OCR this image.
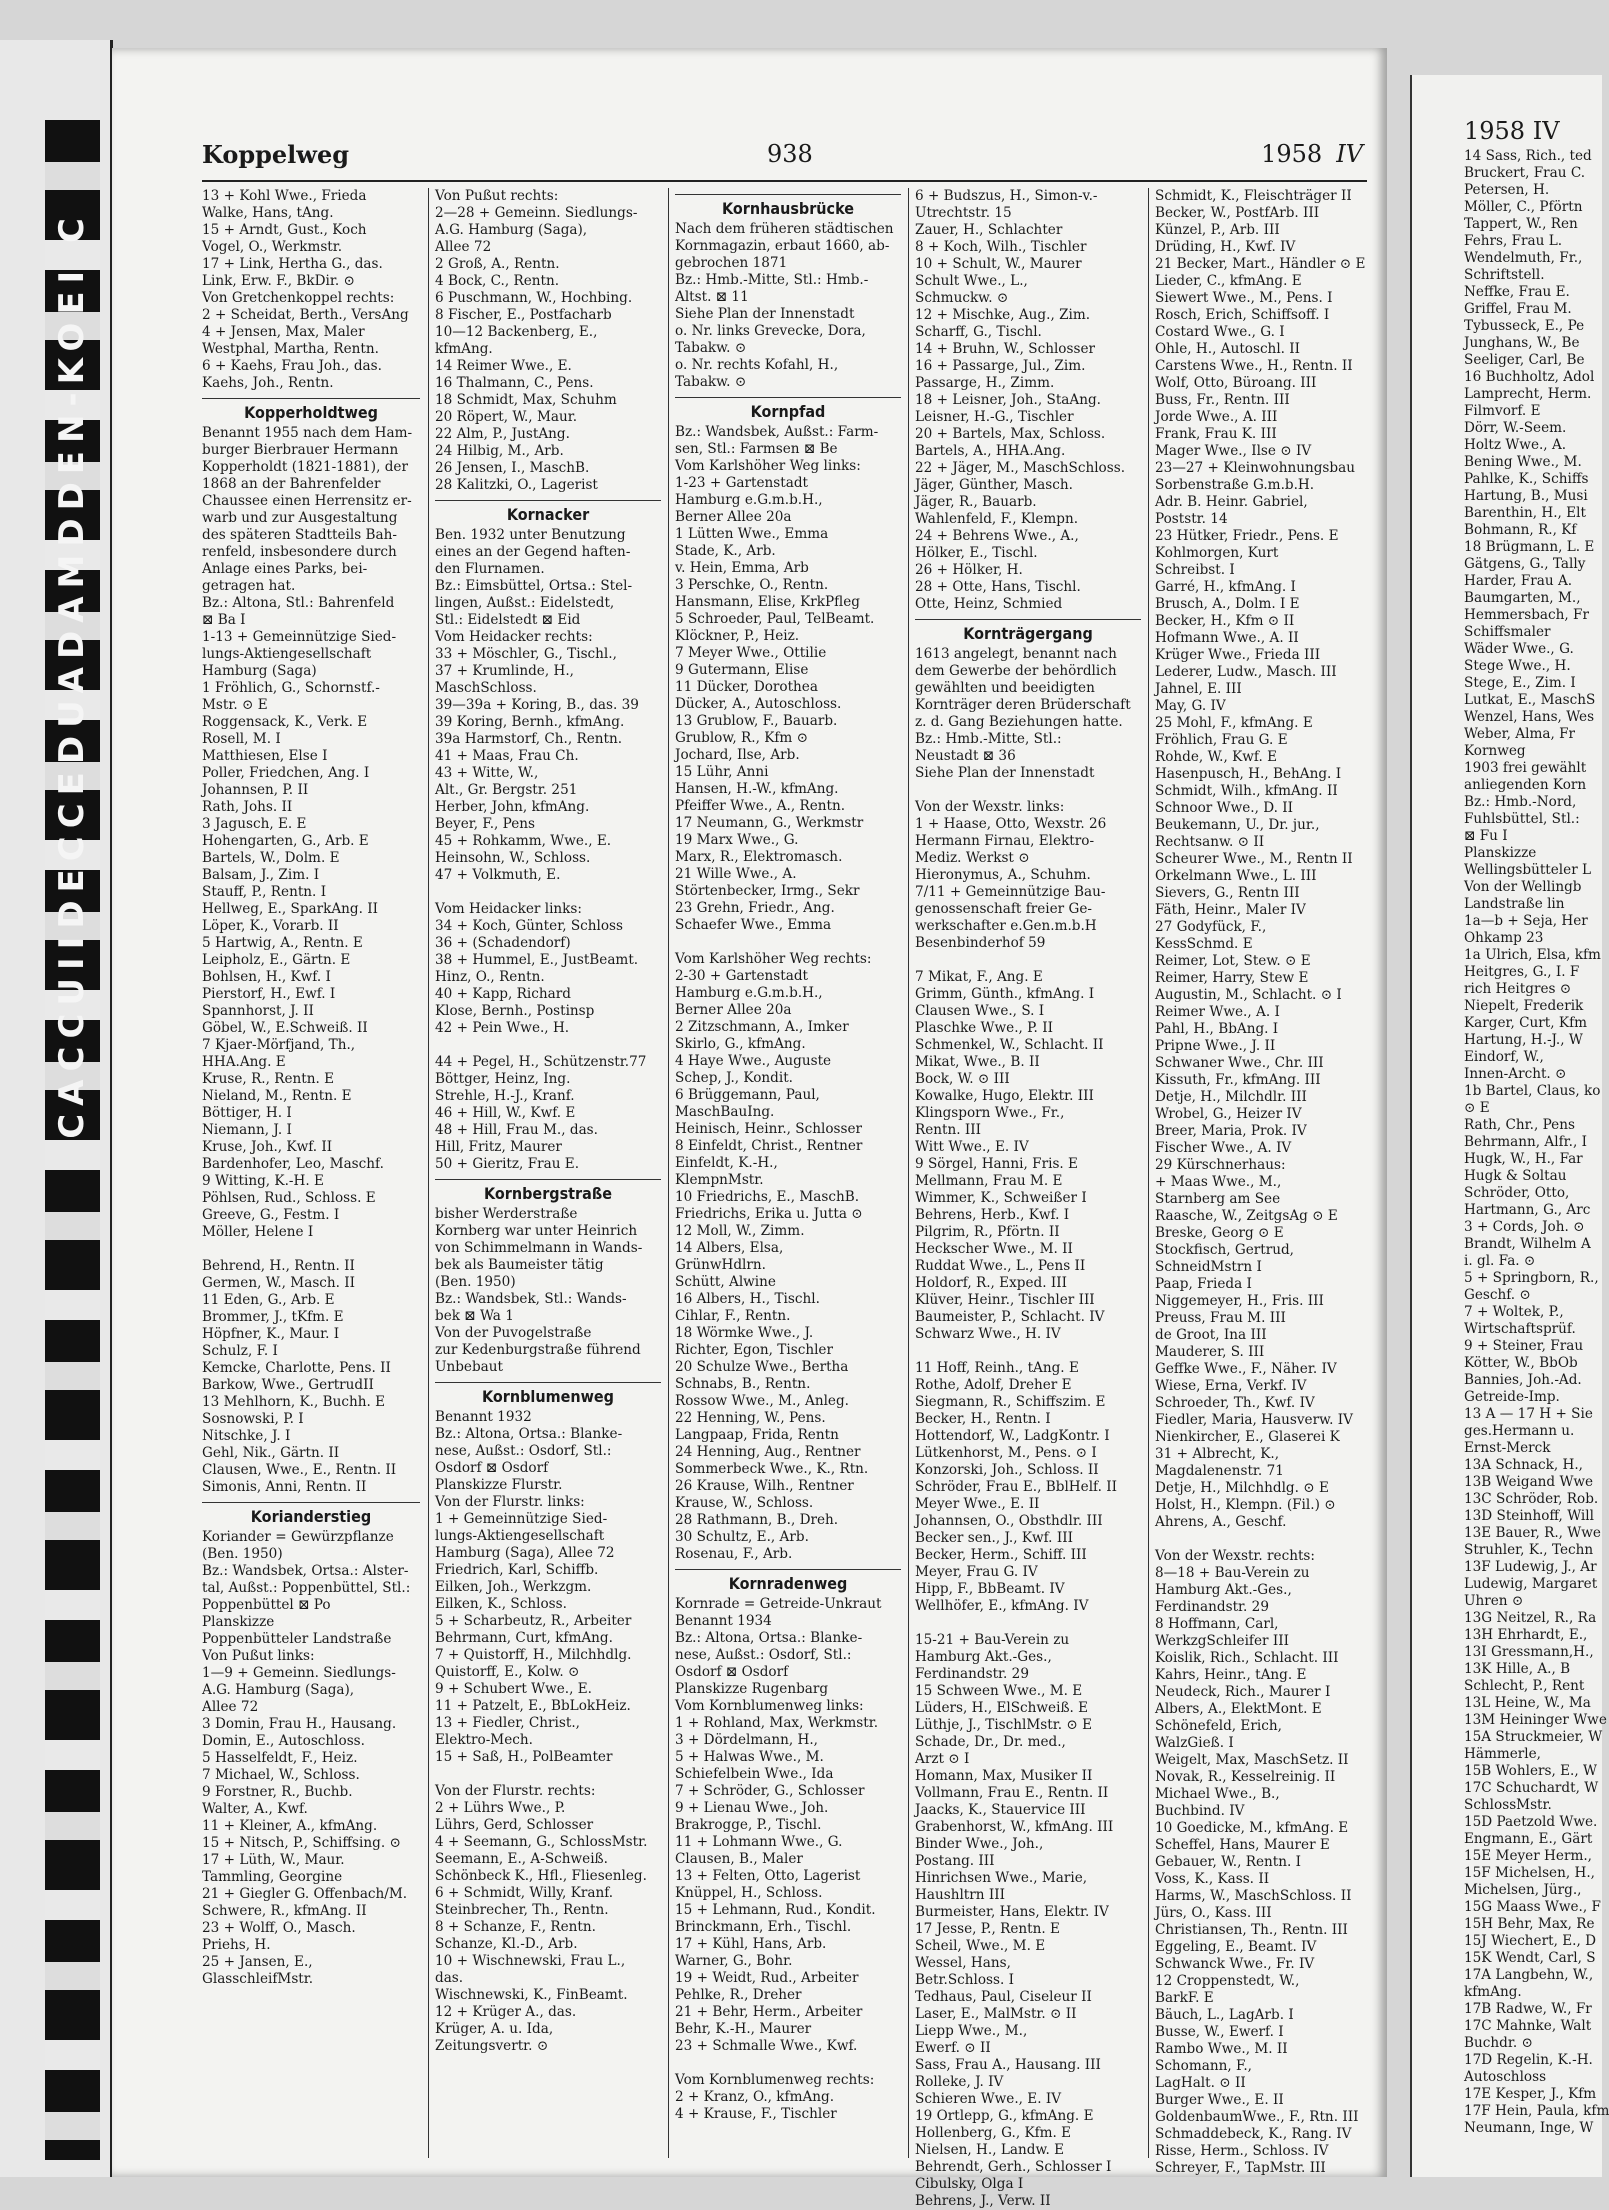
CACCUIIDECCEDUADAMDDEN-KOEI C
Koppelweg	938	1958 IV
13 + Kohl Wwe., Frieda
Walke, Hans, tAng.
15 + Arndt, Gust., Koch
Vogel, O., Werkmstr.
17 + Link, Hertha G., das.
Link, Erw. F., BkDir. ⊙
Von Gretchenkoppel rechts:
2 + Scheidat, Berth., VersAng
4 + Jensen, Max, Maler
Westphal, Martha, Rentn.
6 + Kaehs, Frau Joh., das.
Kaehs, Joh., Rentn.
Kopperholdtweg
Benannt 1955 nach dem Ham-
burger Bierbrauer Hermann
Kopperholdt (1821-1881), der
1868 an der Bahrenfelder
Chaussee einen Herrensitz er-
warb und zur Ausgestaltung
des späteren Stadtteils Bah-
renfeld, insbesondere durch
Anlage eines Parks, bei-
getragen hat.
Bz.: Altona, Stl.: Bahrenfeld
⊠ Ba I
1-13 + Gemeinnützige Sied-
lungs-Aktiengesellschaft
Hamburg (Saga)
1 Fröhlich, G., Schornstf.-
Mstr. ⊙ E
Roggensack, K., Verk. E
Rosell, M. I
Matthiesen, Else I
Poller, Friedchen, Ang. I
Johannsen, P. II
Rath, Johs. II
3 Jagusch, E. E
Hohengarten, G., Arb. E
Bartels, W., Dolm. E
Balsam, J., Zim. I
Stauff, P., Rentn. I
Hellweg, E., SparkAng. II
Löper, K., Vorarb. II
5 Hartwig, A., Rentn. E
Leipholz, E., Gärtn. E
Bohlsen, H., Kwf. I
Pierstorf, H., Ewf. I
Spannhorst, J. II
Göbel, W., E.Schweiß. II
7 Kjaer-Mörfjand, Th.,
HHA.Ang. E
Kruse, R., Rentn. E
Nieland, M., Rentn. E
Böttiger, H. I
Niemann, J. I
Kruse, Joh., Kwf. II
Bardenhofer, Leo, Maschf.
9 Witting, K.-H. E
Pöhlsen, Rud., Schloss. E
Greeve, G., Festm. I
Möller, Helene I

Behrend, H., Rentn. II
Germen, W., Masch. II
11 Eden, G., Arb. E
Brommer, J., tKfm. E
Höpfner, K., Maur. I
Schulz, F. I
Kemcke, Charlotte, Pens. II
Barkow, Wwe., GertrudII
13 Mehlhorn, K., Buchh. E
Sosnowski, P. I
Nitschke, J. I
Gehl, Nik., Gärtn. II
Clausen, Wwe., E., Rentn. II
Simonis, Anni, Rentn. II
Korianderstieg
Koriander = Gewürzpflanze
(Ben. 1950)
Bz.: Wandsbek, Ortsa.: Alster-
tal, Außst.: Poppenbüttel, Stl.:
Poppenbüttel ⊠ Po
Planskizze
Poppenbütteler Landstraße
Von Pußut links:
1—9 + Gemeinn. Siedlungs-
A.G. Hamburg (Saga),
Allee 72
3 Domin, Frau H., Hausang.
Domin, E., Autoschloss.
5 Hasselfeldt, F., Heiz.
7 Michael, W., Schloss.
9 Forstner, R., Buchb.
Walter, A., Kwf.
11 + Kleiner, A., kfmAng.
15 + Nitsch, P., Schiffsing. ⊙
17 + Lüth, W., Maur.
Tammling, Georgine
21 + Giegler G. Offenbach/M.
Schwere, R., kfmAng. II
23 + Wolff, O., Masch.
Priehs, H.
25 + Jansen, E.,
GlasschleifMstr.
Von Pußut rechts:
2—28 + Gemeinn. Siedlungs-
A.G. Hamburg (Saga),
Allee 72
2 Groß, A., Rentn.
4 Bock, C., Rentn.
6 Puschmann, W., Hochbing.
8 Fischer, E., Postfacharb
10—12 Backenberg, E.,
kfmAng.
14 Reimer Wwe., E.
16 Thalmann, C., Pens.
18 Schmidt, Max, Schuhm
20 Röpert, W., Maur.
22 Alm, P., JustAng.
24 Hilbig, M., Arb.
26 Jensen, I., MaschB.
28 Kalitzki, O., Lagerist
Kornacker
Ben. 1932 unter Benutzung
eines an der Gegend haften-
den Flurnamen.
Bz.: Eimsbüttel, Ortsa.: Stel-
lingen, Außst.: Eidelstedt,
Stl.: Eidelstedt ⊠ Eid
Vom Heidacker rechts:
33 + Möschler, G., Tischl.,
37 + Krumlinde, H.,
MaschSchloss.
39—39a + Koring, B., das. 39
39 Koring, Bernh., kfmAng.
39a Harmstorf, Ch., Rentn.
41 + Maas, Frau Ch.
43 + Witte, W.,
Alt., Gr. Bergstr. 251
Herber, John, kfmAng.
Beyer, F., Pens
45 + Rohkamm, Wwe., E.
Heinsohn, W., Schloss.
47 + Volkmuth, E.

Vom Heidacker links:
34 + Koch, Günter, Schloss
36 + (Schadendorf)
38 + Hummel, E., JustBeamt.
Hinz, O., Rentn.
40 + Kapp, Richard
Klose, Bernh., Postinsp
42 + Pein Wwe., H.

44 + Pegel, H., Schützenstr.77
Böttger, Heinz, Ing.
Strehle, H.-J., Kranf.
46 + Hill, W., Kwf. E
48 + Hill, Frau M., das.
Hill, Fritz, Maurer
50 + Gieritz, Frau E.
Kornbergstraße
bisher Werderstraße
Kornberg war unter Heinrich
von Schimmelmann in Wands-
bek als Baumeister tätig
(Ben. 1950)
Bz.: Wandsbek, Stl.: Wands-
bek ⊠ Wa 1
Von der Puvogelstraße
zur Kedenburgstraße führend
Unbebaut
Kornblumenweg
Benannt 1932
Bz.: Altona, Ortsa.: Blanke-
nese, Außst.: Osdorf, Stl.:
Osdorf ⊠ Osdorf
Planskizze Flurstr.
Von der Flurstr. links:
1 + Gemeinnützige Sied-
lungs-Aktiengesellschaft
Hamburg (Saga), Allee 72
Friedrich, Karl, Schiffb.
Eilken, Joh., Werkzgm.
Eilken, K., Schloss.
5 + Scharbeutz, R., Arbeiter
Behrmann, Curt, kfmAng.
7 + Quistorff, H., Milchhdlg.
Quistorff, E., Kolw. ⊙
9 + Schubert Wwe., E.
11 + Patzelt, E., BbLokHeiz.
13 + Fiedler, Christ.,
Elektro-Mech.
15 + Saß, H., PolBeamter

Von der Flurstr. rechts:
2 + Lührs Wwe., P.
Lührs, Gerd, Schlosser
4 + Seemann, G., SchlossMstr.
Seemann, E., A-Schweiß.
Schönbeck K., Hfl., Fliesenleg.
6 + Schmidt, Willy, Kranf.
Steinbrecher, Th., Rentn.
8 + Schanze, F., Rentn.
Schanze, Kl.-D., Arb.
10 + Wischnewski, Frau L.,
das.
Wischnewski, K., FinBeamt.
12 + Krüger A., das.
Krüger, A. u. Ida,
Zeitungsvertr. ⊙
Kornhausbrücke
Nach dem früheren städtischen
Kornmagazin, erbaut 1660, ab-
gebrochen 1871
Bz.: Hmb.-Mitte, Stl.: Hmb.-
Altst. ⊠ 11
Siehe Plan der Innenstadt
o. Nr. links Grevecke, Dora,
Tabakw. ⊙
o. Nr. rechts Kofahl, H.,
Tabakw. ⊙
Kornpfad
Bz.: Wandsbek, Außst.: Farm-
sen, Stl.: Farmsen ⊠ Be
Vom Karlshöher Weg links:
1-23 + Gartenstadt
Hamburg e.G.m.b.H.,
Berner Allee 20a
1 Lütten Wwe., Emma
Stade, K., Arb.
v. Hein, Emma, Arb
3 Perschke, O., Rentn.
Hansmann, Elise, KrkPfleg
5 Schroeder, Paul, TelBeamt.
Klöckner, P., Heiz.
7 Meyer Wwe., Ottilie
9 Gutermann, Elise
11 Dücker, Dorothea
Dücker, A., Autoschloss.
13 Grublow, F., Bauarb.
Grublow, R., Kfm ⊙
Jochard, Ilse, Arb.
15 Lühr, Anni
Hansen, H.-W., kfmAng.
Pfeiffer Wwe., A., Rentn.
17 Neumann, G., Werkmstr
19 Marx Wwe., G.
Marx, R., Elektromasch.
21 Wille Wwe., A.
Störtenbecker, Irmg., Sekr
23 Grehn, Friedr., Ang.
Schaefer Wwe., Emma

Vom Karlshöher Weg rechts:
2-30 + Gartenstadt
Hamburg e.G.m.b.H.,
Berner Allee 20a
2 Zitzschmann, A., Imker
Skirlo, G., kfmAng.
4 Haye Wwe., Auguste
Schep, J., Kondit.
6 Brüggemann, Paul,
MaschBauIng.
Heinisch, Heinr., Schlosser
8 Einfeldt, Christ., Rentner
Einfeldt, K.-H.,
KlempnMstr.
10 Friedrichs, E., MaschB.
Friedrichs, Erika u. Jutta ⊙
12 Moll, W., Zimm.
14 Albers, Elsa,
GrünwHdlrn.
Schütt, Alwine
16 Albers, H., Tischl.
Cihlar, F., Rentn.
18 Wörmke Wwe., J.
Richter, Egon, Tischler
20 Schulze Wwe., Bertha
Schnabs, B., Rentn.
Rossow Wwe., M., Anleg.
22 Henning, W., Pens.
Langpaap, Frida, Rentn
24 Henning, Aug., Rentner
Sommerbeck Wwe., K., Rtn.
26 Krause, Wilh., Rentner
Krause, W., Schloss.
28 Rathmann, B., Dreh.
30 Schultz, E., Arb.
Rosenau, F., Arb.
Kornradenweg
Kornrade = Getreide-Unkraut
Benannt 1934
Bz.: Altona, Ortsa.: Blanke-
nese, Außst.: Osdorf, Stl.:
Osdorf ⊠ Osdorf
Planskizze Rugenbarg
Vom Kornblumenweg links:
1 + Rohland, Max, Werkmstr.
3 + Dördelmann, H.,
5 + Halwas Wwe., M.
Schiefelbein Wwe., Ida
7 + Schröder, G., Schlosser
9 + Lienau Wwe., Joh.
Brakrogge, P., Tischl.
11 + Lohmann Wwe., G.
Clausen, B., Maler
13 + Felten, Otto, Lagerist
Knüppel, H., Schloss.
15 + Lehmann, Rud., Kondit.
Brinckmann, Erh., Tischl.
17 + Kühl, Hans, Arb.
Warner, G., Bohr.
19 + Weidt, Rud., Arbeiter
Pehlke, R., Dreher
21 + Behr, Herm., Arbeiter
Behr, K.-H., Maurer
23 + Schmalle Wwe., Kwf.

Vom Kornblumenweg rechts:
2 + Kranz, O., kfmAng.
4 + Krause, F., Tischler
6 + Budszus, H., Simon-v.-
Utrechtstr. 15
Zauer, H., Schlachter
8 + Koch, Wilh., Tischler
10 + Schult, W., Maurer
Schult Wwe., L.,
Schmuckw. ⊙
12 + Mischke, Aug., Zim.
Scharff, G., Tischl.
14 + Bruhn, W., Schlosser
16 + Passarge, Jul., Zim.
Passarge, H., Zimm.
18 + Leisner, Joh., StaAng.
Leisner, H.-G., Tischler
20 + Bartels, Max, Schloss.
Bartels, A., HHA.Ang.
22 + Jäger, M., MaschSchloss.
Jäger, Günther, Masch.
Jäger, R., Bauarb.
Wahlenfeld, F., Klempn.
24 + Behrens Wwe., A.,
Hölker, E., Tischl.
26 + Hölker, H.
28 + Otte, Hans, Tischl.
Otte, Heinz, Schmied
Kornträgergang
1613 angelegt, benannt nach
dem Gewerbe der behördlich
gewählten und beeidigten
Kornträger deren Brüderschaft
z. d. Gang Beziehungen hatte.
Bz.: Hmb.-Mitte, Stl.:
Neustadt ⊠ 36
Siehe Plan der Innenstadt

Von der Wexstr. links:
1 + Haase, Otto, Wexstr. 26
Hermann Firnau, Elektro-
Mediz. Werkst ⊙
Hieronymus, A., Schuhm.
7/11 + Gemeinnützige Bau-
genossenschaft freier Ge-
werkschafter e.Gen.m.b.H
Besenbinderhof 59

7 Mikat, F., Ang. E
Grimm, Günth., kfmAng. I
Clausen Wwe., S. I
Plaschke Wwe., P. II
Schmenkel, W., Schlacht. II
Mikat, Wwe., B. II
Bock, W. ⊙ III
Kowalke, Hugo, Elektr. III
Klingsporn Wwe., Fr.,
Rentn. III
Witt Wwe., E. IV
9 Sörgel, Hanni, Fris. E
Mellmann, Frau M. E
Wimmer, K., Schweißer I
Behrens, Herb., Kwf. I
Pilgrim, R., Pförtn. II
Heckscher Wwe., M. II
Ruddat Wwe., L., Pens II
Holdorf, R., Exped. III
Klüver, Heinr., Tischler III
Baumeister, P., Schlacht. IV
Schwarz Wwe., H. IV

11 Hoff, Reinh., tAng. E
Rothe, Adolf, Dreher E
Siegmann, R., Schiffszim. E
Becker, H., Rentn. I
Hottendorf, W., LadgKontr. I
Lütkenhorst, M., Pens. ⊙ I
Konzorski, Joh., Schloss. II
Schröder, Frau E., BblHelf. II
Meyer Wwe., E. II
Johannsen, O., Obsthdlr. III
Becker sen., J., Kwf. III
Becker, Herm., Schiff. III
Meyer, Frau G. IV
Hipp, F., BbBeamt. IV
Wellhöfer, E., kfmAng. IV

15-21 + Bau-Verein zu
Hamburg Akt.-Ges.,
Ferdinandstr. 29
15 Schween Wwe., M. E
Lüders, H., ElSchweiß. E
Lüthje, J., TischlMstr. ⊙ E
Schade, Dr., Dr. med.,
Arzt ⊙ I
Homann, Max, Musiker II
Vollmann, Frau E., Rentn. II
Jaacks, K., Stauervice III
Grabenhorst, W., kfmAng. III
Binder Wwe., Joh.,
Postang. III
Hinrichsen Wwe., Marie,
Haushltrn III
Burmeister, Hans, Elektr. IV
17 Jesse, P., Rentn. E
Scheil, Wwe., M. E
Wessel, Hans,
Betr.Schloss. I
Tedhaus, Paul, Ciseleur II
Laser, E., MalMstr. ⊙ II
Liepp Wwe., M.,
Ewerf. ⊙ II
Sass, Frau A., Hausang. III
Rolleke, J. IV
Schieren Wwe., E. IV
19 Ortlepp, G., kfmAng. E
Hollenberg, G., Kfm. E
Nielsen, H., Landw. E
Behrendt, Gerh., Schlosser I
Cibulsky, Olga I
Behrens, J., Verw. II
Schmidt, K., Fleischträger II
Becker, W., PostfArb. III
Künzel, P., Arb. III
Drüding, H., Kwf. IV
21 Becker, Mart., Händler ⊙ E
Lieder, C., kfmAng. E
Siewert Wwe., M., Pens. I
Rosch, Erich, Schiffsoff. I
Costard Wwe., G. I
Ohle, H., Autoschl. II
Carstens Wwe., H., Rentn. II
Wolf, Otto, Büroang. III
Buss, Fr., Rentn. III
Jorde Wwe., A. III
Frank, Frau K. III
Mager Wwe., Ilse ⊙ IV
23—27 + Kleinwohnungsbau
Sorbenstraße G.m.b.H.
Adr. B. Heinr. Gabriel,
Poststr. 14
23 Hütker, Friedr., Pens. E
Kohlmorgen, Kurt
Schreibst. I
Garré, H., kfmAng. I
Brusch, A., Dolm. I E
Becker, H., Kfm ⊙ II
Hofmann Wwe., A. II
Krüger Wwe., Frieda III
Lederer, Ludw., Masch. III
Jahnel, E. III
May, G. IV
25 Mohl, F., kfmAng. E
Fröhlich, Frau G. E
Rohde, W., Kwf. E
Hasenpusch, H., BehAng. I
Schmidt, Wilh., kfmAng. II
Schnoor Wwe., D. II
Beukemann, U., Dr. jur.,
Rechtsanw. ⊙ II
Scheurer Wwe., M., Rentn II
Orkelmann Wwe., L. III
Sievers, G., Rentn III
Fäth, Heinr., Maler IV
27 Godyfück, F.,
KessSchmd. E
Reimer, Lot, Stew. ⊙ E
Reimer, Harry, Stew E
Augustin, M., Schlacht. ⊙ I
Reimer Wwe., A. I
Pahl, H., BbAng. I
Pripne Wwe., J. II
Schwaner Wwe., Chr. III
Kissuth, Fr., kfmAng. III
Detje, H., Milchdlr. III
Wrobel, G., Heizer IV
Breer, Maria, Prok. IV
Fischer Wwe., A. IV
29 Kürschnerhaus:
+ Maas Wwe., M.,
Starnberg am See
Raasche, W., ZeitgsAg ⊙ E
Breske, Georg ⊙ E
Stockfisch, Gertrud,
SchneidMstrn I
Paap, Frieda I
Niggemeyer, H., Fris. III
Preuss, Frau M. III
de Groot, Ina III
Mauderer, S. III
Geffke Wwe., F., Näher. IV
Wiese, Erna, Verkf. IV
Schroeder, Th., Kwf. IV
Fiedler, Maria, Hausverw. IV
Nienkircher, E., Glaserei K
31 + Albrecht, K.,
Magdalenenstr. 71
Detje, H., Milchhdlg. ⊙ E
Holst, H., Klempn. (Fil.) ⊙
Ahrens, A., Geschf.

Von der Wexstr. rechts:
8—18 + Bau-Verein zu
Hamburg Akt.-Ges.,
Ferdinandstr. 29
8 Hoffmann, Carl,
WerkzgSchleifer III
Koislik, Rich., Schlacht. III
Kahrs, Heinr., tAng. E
Neudeck, Rich., Maurer I
Albers, A., ElektMont. E
Schönefeld, Erich,
WalzGieß. I
Weigelt, Max, MaschSetz. II
Novak, R., Kesselreinig. II
Michael Wwe., B.,
Buchbind. IV
10 Goedicke, M., kfmAng. E
Scheffel, Hans, Maurer E
Gebauer, W., Rentn. I
Voss, K., Kass. II
Harms, W., MaschSchloss. II
Jürs, O., Kass. III
Christiansen, Th., Rentn. III
Eggeling, E., Beamt. IV
Schwanck Wwe., Fr. IV
12 Croppenstedt, W.,
BarkF. E
Bäuch, L., LagArb. I
Busse, W., Ewerf. I
Rambo Wwe., M. II
Schomann, F.,
LagHalt. ⊙ II
Burger Wwe., E. II
GoldenbaumWwe., F., Rtn. III
Schmaddebeck, K., Rang. IV
Risse, Herm., Schloss. IV
Schreyer, F., TapMstr. III
1958 IV
14 Sass, Rich., ted
Bruckert, Frau C.
Petersen, H.
Möller, C., Pförtn
Tappert, W., Ren
Fehrs, Frau L.
Wendelmuth, Fr.,
Schriftstell.
Neffke, Frau E.
Griffel, Frau M.
Tybusseck, E., Pe
Junghans, W., Be
Seeliger, Carl, Be
16 Buchholtz, Adol
Lamprecht, Herm.
Filmvorf. E
Dörr, W.-Seem.
Holtz Wwe., A.
Bening Wwe., M.
Pahlke, K., Schiffs
Hartung, B., Musi
Barenthin, H., Elt
Bohmann, R., Kf
18 Brügmann, L. E
Gätgens, G., Tally
Harder, Frau A.
Baumgarten, M.,
Hemmersbach, Fr
Schiffsmaler
Wäder Wwe., G.
Stege Wwe., H.
Stege, E., Zim. I
Lutkat, E., MaschS
Wenzel, Hans, Wes
Weber, Alma, Fr
Kornweg
1903 frei gewählt
anliegenden Korn
Bz.: Hmb.-Nord,
Fuhlsbüttel, Stl.:
⊠ Fu I
Planskizze
Wellingsbütteler L
Von der Wellingb
Landstraße lin
1a—b + Seja, Her
Ohkamp 23
1a Ulrich, Elsa, kfm
Heitgres, G., I. F
rich Heitgres ⊙
Niepelt, Frederik
Karger, Curt, Kfm
Hartung, H.-J., W
Eindorf, W.,
Innen-Archt. ⊙
1b Bartel, Claus, ko
⊙ E
Rath, Chr., Pens
Behrmann, Alfr., I
Hugk, W., H., Far
Hugk & Soltau
Schröder, Otto,
Hartmann, G., Arc
3 + Cords, Joh. ⊙
Brandt, Wilhelm A
i. gl. Fa. ⊙
5 + Springborn, R.,
Geschf. ⊙
7 + Woltek, P.,
Wirtschaftsprüf.
9 + Steiner, Frau
Kötter, W., BbOb
Bannies, Joh.-Ad.
Getreide-Imp.
13 A — 17 H + Sie
ges.Hermann u.
Ernst-Merck
13A Schnack, H.,
13B Weigand Wwe
13C Schröder, Rob.
13D Steinhoff, Will
13E Bauer, R., Wwe
Struhler, K., Techn
13F Ludewig, J., Ar
Ludewig, Margaret
Uhren ⊙
13G Neitzel, R., Ra
13H Ehrhardt, E.,
13I Gressmann,H.,
13K Hille, A., B
Schlecht, P., Rent
13L Heine, W., Ma
13M Heininger Wwe
15A Struckmeier, W
Hämmerle,
15B Wohlers, E., W
17C Schuchardt, W
SchlossMstr.
15D Paetzold Wwe.
Engmann, E., Gärt
15E Meyer Herm.,
15F Michelsen, H.,
Michelsen, Jürg.,
15G Maass Wwe., F
15H Behr, Max, Re
15J Wiechert, E., D
15K Wendt, Carl, S
17A Langbehn, W.,
kfmAng.
17B Radwe, W., Fr
17C Mahnke, Walt
Buchdr. ⊙
17D Regelin, K.-H.
Autoschloss
17E Kesper, J., Kfm
17F Hein, Paula, kfm
Neumann, Inge, W
